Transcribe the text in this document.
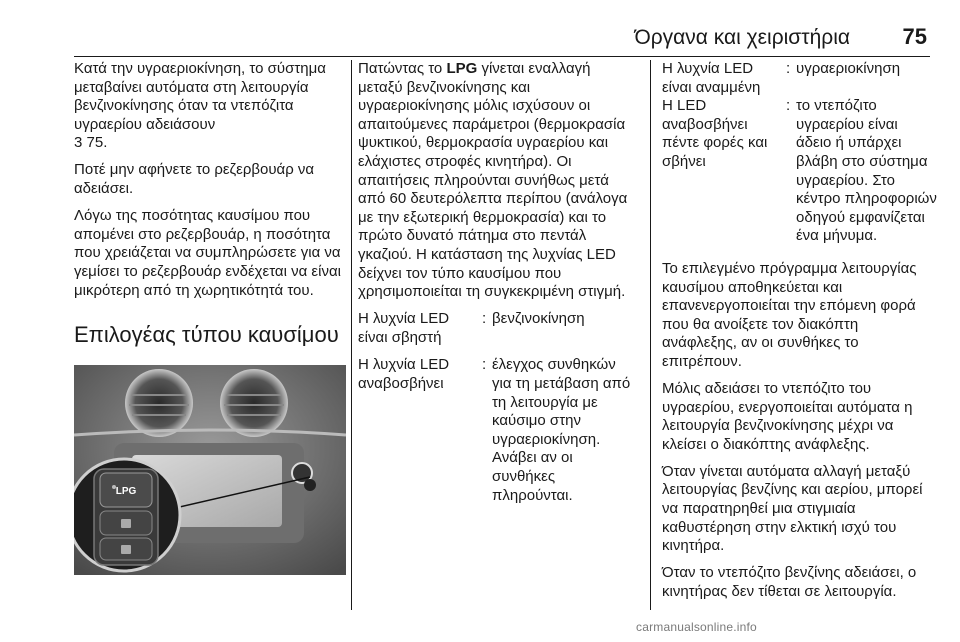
Όργανα και χειριστήρια 75

Κατά την υγραεριοκίνηση, το σύστημα μεταβαίνει αυτόματα στη λειτουργία βενζινοκίνησης όταν τα ντεπόζιτα υγραερίου αδειάσουν
3 75.

Ποτέ μην αφήνετε το ρεζερβουάρ να αδειάσει.

Λόγω της ποσότητας καυσίμου που απομένει στο ρεζερβουάρ, η ποσότητα που χρειάζεται να συμπληρώσετε για να γεμίσει το ρεζερβουάρ ενδέχεται να είναι μικρότερη από τη χωρητικότητά του.

Επιλογέας τύπου καυσίμου
LPG

Πατώντας το LPG γίνεται εναλλαγή μεταξύ βενζινοκίνησης και υγραεριοκίνησης μόλις ισχύσουν οι απαιτούμενες παράμετροι (θερμοκρασία ψυκτικού, θερμοκρασία υγραερίου και ελάχιστες στροφές κινητήρα). Οι απαιτήσεις πληρούνται συνήθως μετά από 60 δευτερόλεπτα περίπου (ανάλογα με την εξωτερική θερμοκρασία) και το πρώτο δυνατό πάτημα στο πεντάλ γκαζιού. Η κατάσταση της λυχνίας LED δείχνει τον τύπο καυσίμου που χρησιμοποιείται τη συγκεκριμένη στιγμή.

Η λυχνία LED είναι σβηστή
: βενζινοκίνηση
Η λυχνία LED αναβοσβήνει
: έλεγχος συνθηκών για τη μετάβαση από τη λειτουργία με καύσιμο στην υγραεριοκίνηση. Ανάβει αν οι συνθήκες πληρούνται.
Η λυχνία LED είναι αναμμένη
: υγραεριοκίνηση
Η LED αναβοσβήνει πέντε φορές και σβήνει
: το ντεπόζιτο υγραερίου είναι άδειο ή υπάρχει βλάβη στο σύστημα υγραερίου. Στο κέντρο πληροφοριών οδηγού εμφανίζεται ένα μήνυμα.

Το επιλεγμένο πρόγραμμα λειτουργίας καυσίμου αποθηκεύεται και επανενεργοποιείται την επόμενη φορά που θα ανοίξετε τον διακόπτη ανάφλεξης, αν οι συνθήκες το επιτρέπουν.

Μόλις αδειάσει το ντεπόζιτο του υγραερίου, ενεργοποιείται αυτόματα η λειτουργία βενζινοκίνησης μέχρι να κλείσει ο διακόπτης ανάφλεξης.

Όταν γίνεται αυτόματα αλλαγή μεταξύ λειτουργίας βενζίνης και αερίου, μπορεί να παρατηρηθεί μια στιγμιαία καθυστέρηση στην ελκτική ισχύ του κινητήρα.

Όταν το ντεπόζιτο βενζίνης αδειάσει, ο κινητήρας δεν τίθεται σε λειτουργία.

carmanualsonline.info
